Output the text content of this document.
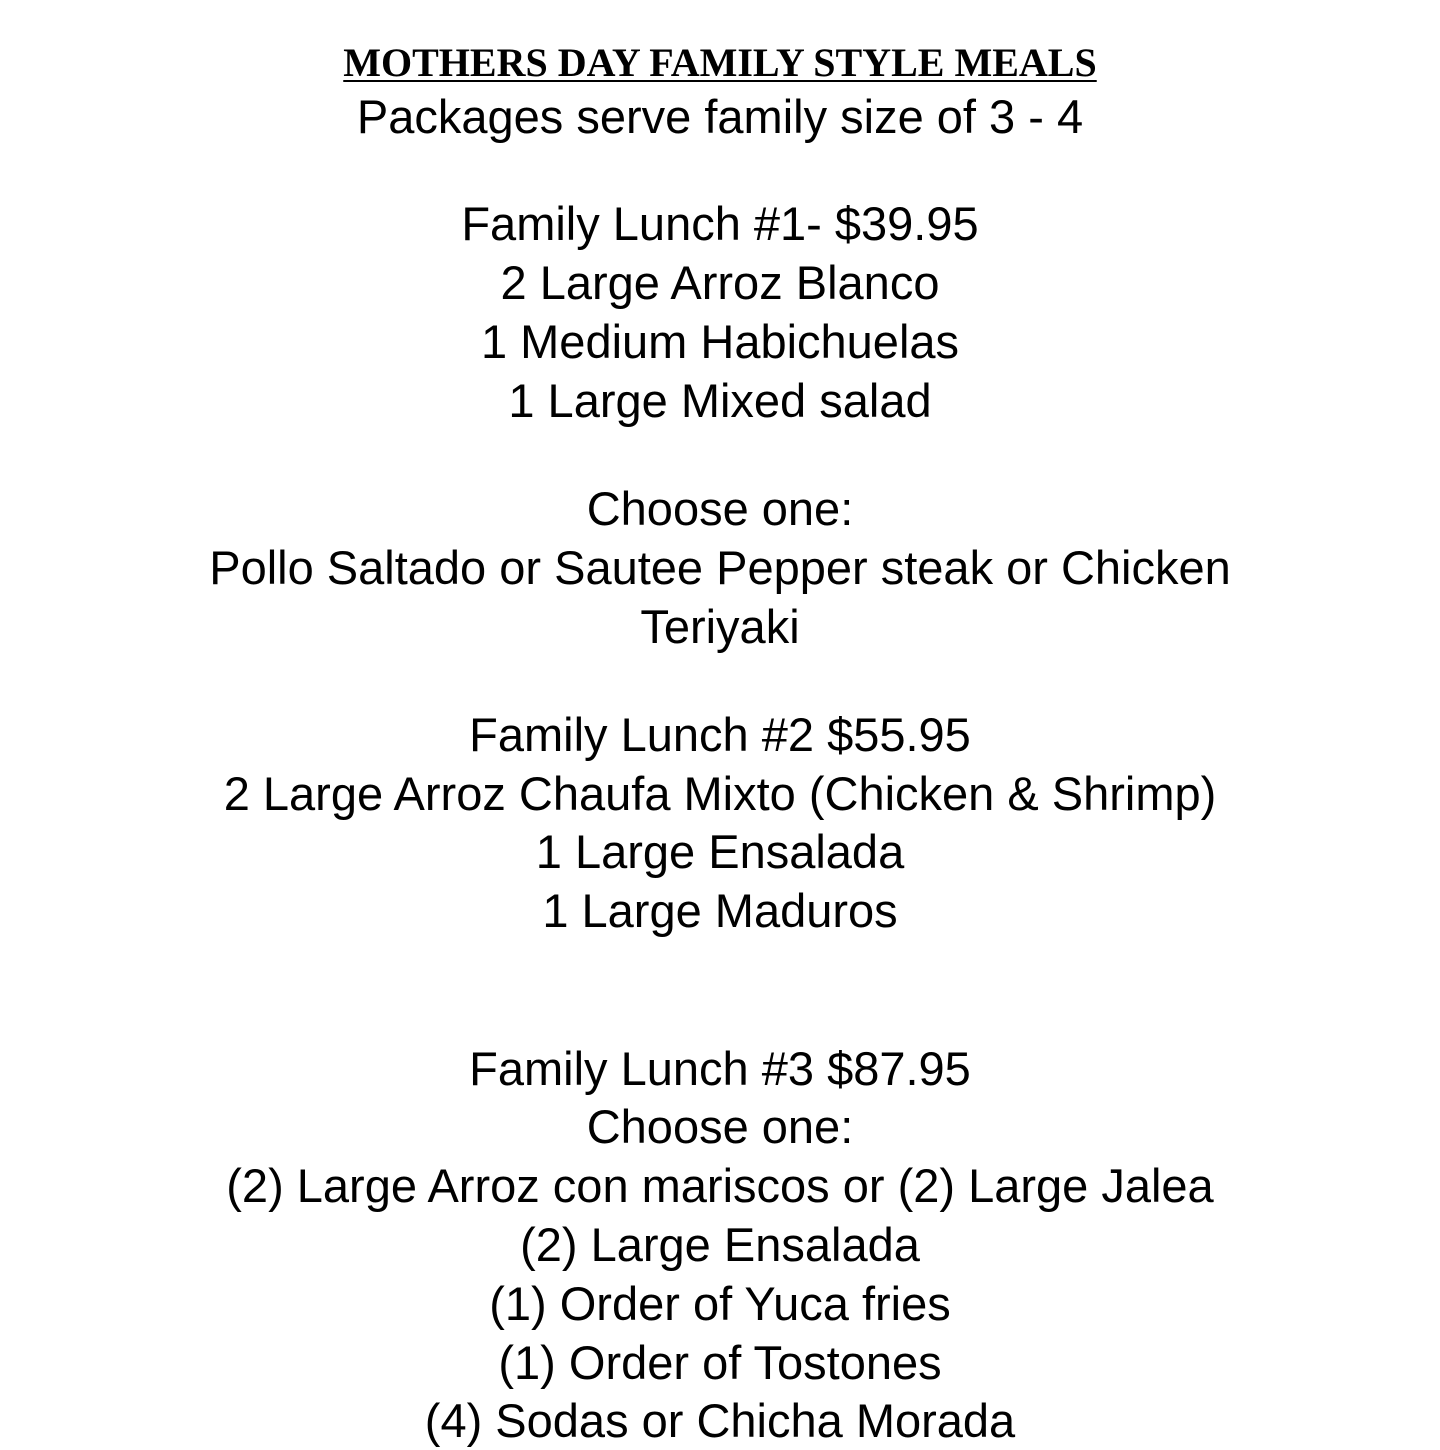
MOTHERS DAY FAMILY STYLE MEALS
Packages serve family size of 3 - 4
Family Lunch #1- $39.95
2 Large Arroz Blanco
1 Medium Habichuelas
1 Large Mixed salad
Choose one:
Pollo Saltado or Sautee Pepper steak or Chicken
Teriyaki
Family Lunch #2 $55.95
2 Large Arroz Chaufa Mixto (Chicken & Shrimp)
1 Large Ensalada
1 Large Maduros
Family Lunch #3 $87.95
Choose one:
(2) Large Arroz con mariscos or (2) Large Jalea
(2) Large Ensalada
(1) Order of Yuca fries
(1) Order of Tostones
(4) Sodas or Chicha Morada
